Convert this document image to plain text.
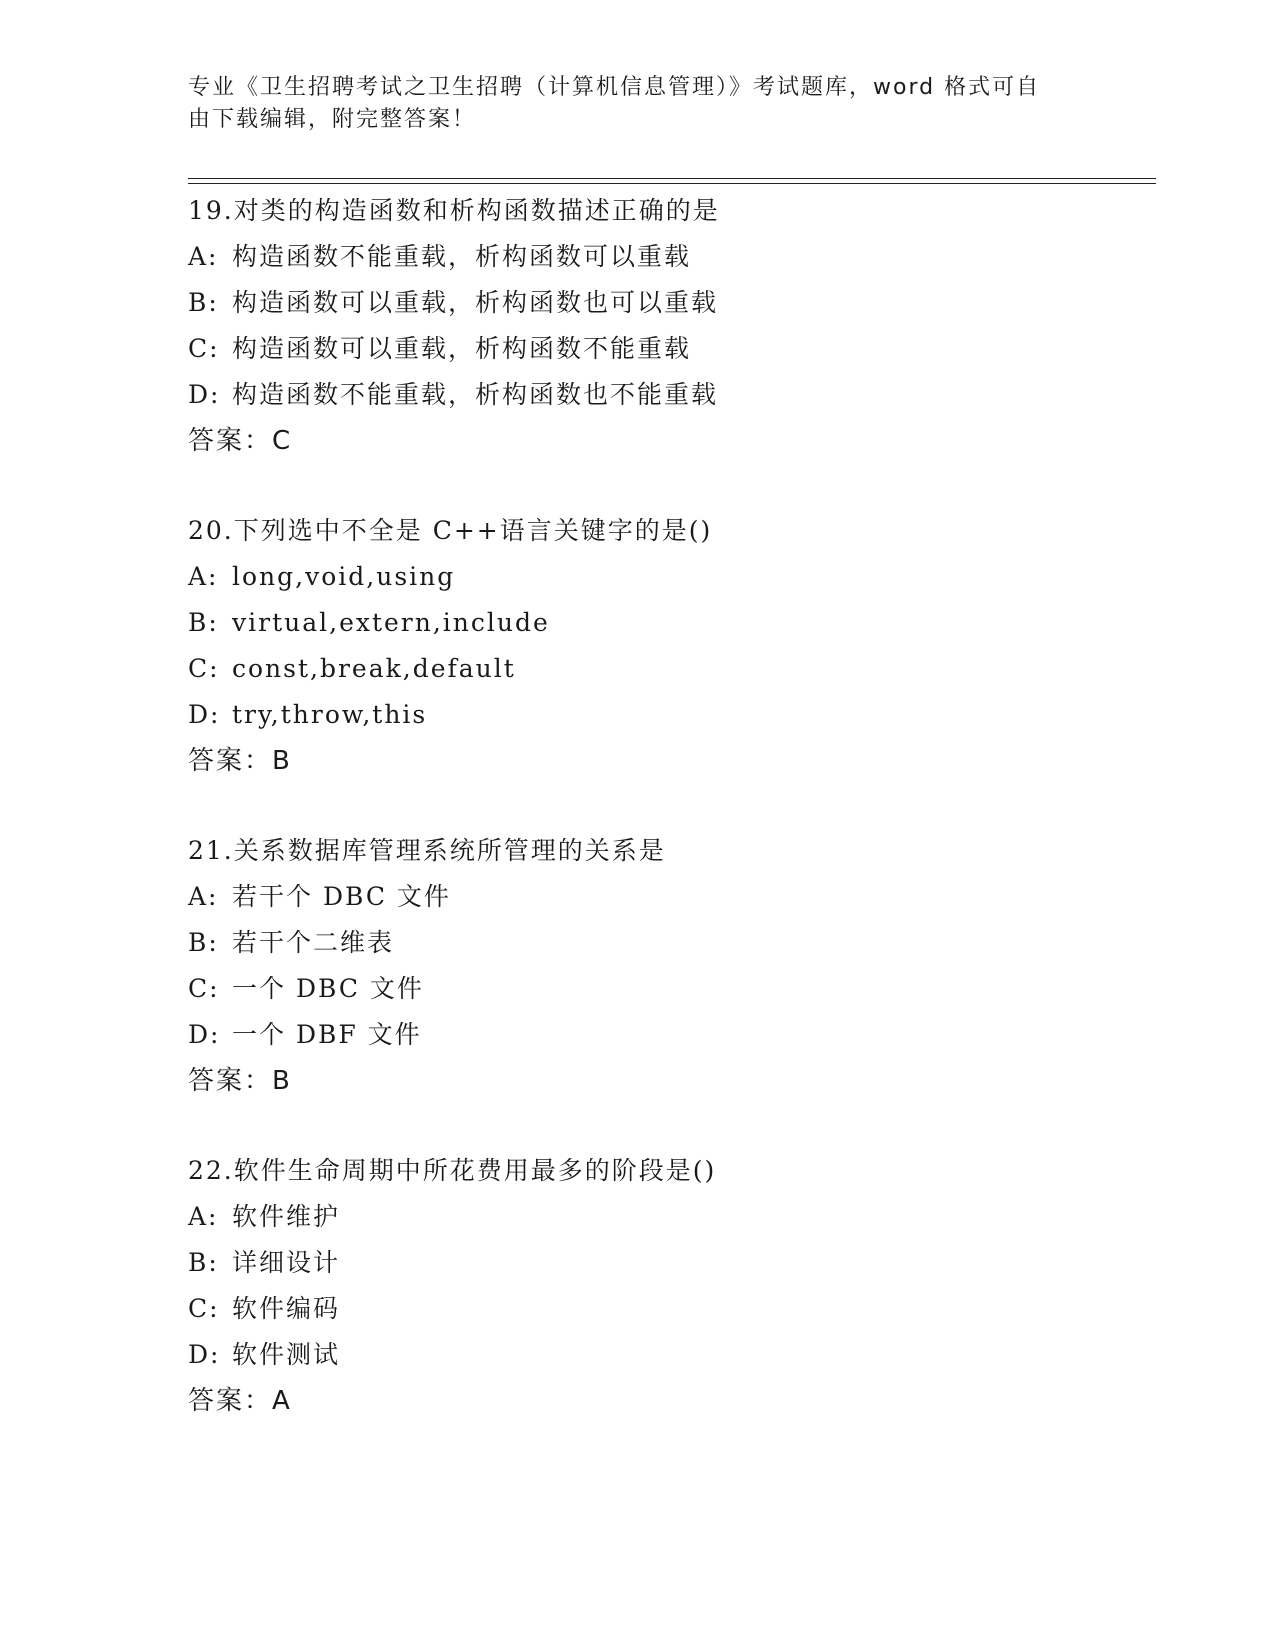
专业《卫生招聘考试之卫生招聘（计算机信息管理）》考试题库，word 格式可自
由下载编辑，附完整答案！
19.对类的构造函数和析构函数描述正确的是
A: 构造函数不能重载，析构函数可以重载
B: 构造函数可以重载，析构函数也可以重载
C: 构造函数可以重载，析构函数不能重载
D: 构造函数不能重载，析构函数也不能重载
答案：C
20.下列选中不全是 C++语言关键字的是()
A: long,void,using
B: virtual,extern,include
C: const,break,default
D: try,throw,this
答案：B
21.关系数据库管理系统所管理的关系是
A: 若干个 DBC 文件
B: 若干个二维表
C: 一个 DBC 文件
D: 一个 DBF 文件
答案：B
22.软件生命周期中所花费用最多的阶段是()
A: 软件维护
B: 详细设计
C: 软件编码
D: 软件测试
答案：A
